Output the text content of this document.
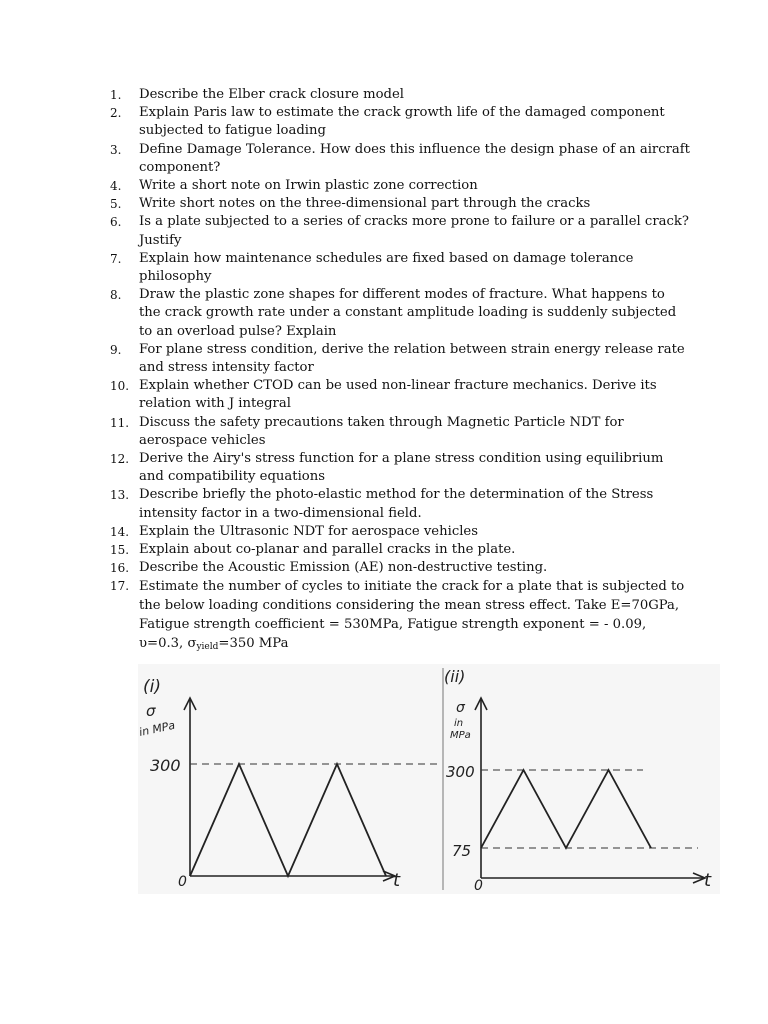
1. Describe the Elber crack closure model
2. Explain Paris law to estimate the crack growth life of the damaged component subjected to fatigue loading
3. Define Damage Tolerance. How does this influence the design phase of an aircraft component?
4. Write a short note on Irwin plastic zone correction
5. Write short notes on the three-dimensional part through the cracks
6. Is a plate subjected to a series of cracks more prone to failure or a parallel crack? Justify
7. Explain how maintenance schedules are fixed based on damage tolerance philosophy
8. Draw the plastic zone shapes for different modes of fracture. What happens to the crack growth rate under a constant amplitude loading is suddenly subjected to an overload pulse? Explain
9. For plane stress condition, derive the relation between strain energy release rate and stress intensity factor
10. Explain whether CTOD can be used non-linear fracture mechanics. Derive its relation with J integral
11. Discuss the safety precautions taken through Magnetic Particle NDT for aerospace vehicles
12. Derive the Airy's stress function for a plane stress condition using equilibrium and compatibility equations
13. Describe briefly the photo-elastic method for the determination of the Stress intensity factor in a two-dimensional field.
14. Explain the Ultrasonic NDT for aerospace vehicles
15. Explain about co-planar and parallel cracks in the plate.
16. Describe the Acoustic Emission (AE) non-destructive testing.
17. Estimate the number of cycles to initiate the crack for a plate that is subjected to the below loading conditions considering the mean stress effect. Take E=70GPa, Fatigue strength coefficient = 530MPa, Fatigue strength exponent = - 0.09, υ=0.3, $\sigma_{yield}=350$ MPa
(i)
σ
in MPa
t
0
300
(ii)
σ
in
MPa
t
0
300
75
